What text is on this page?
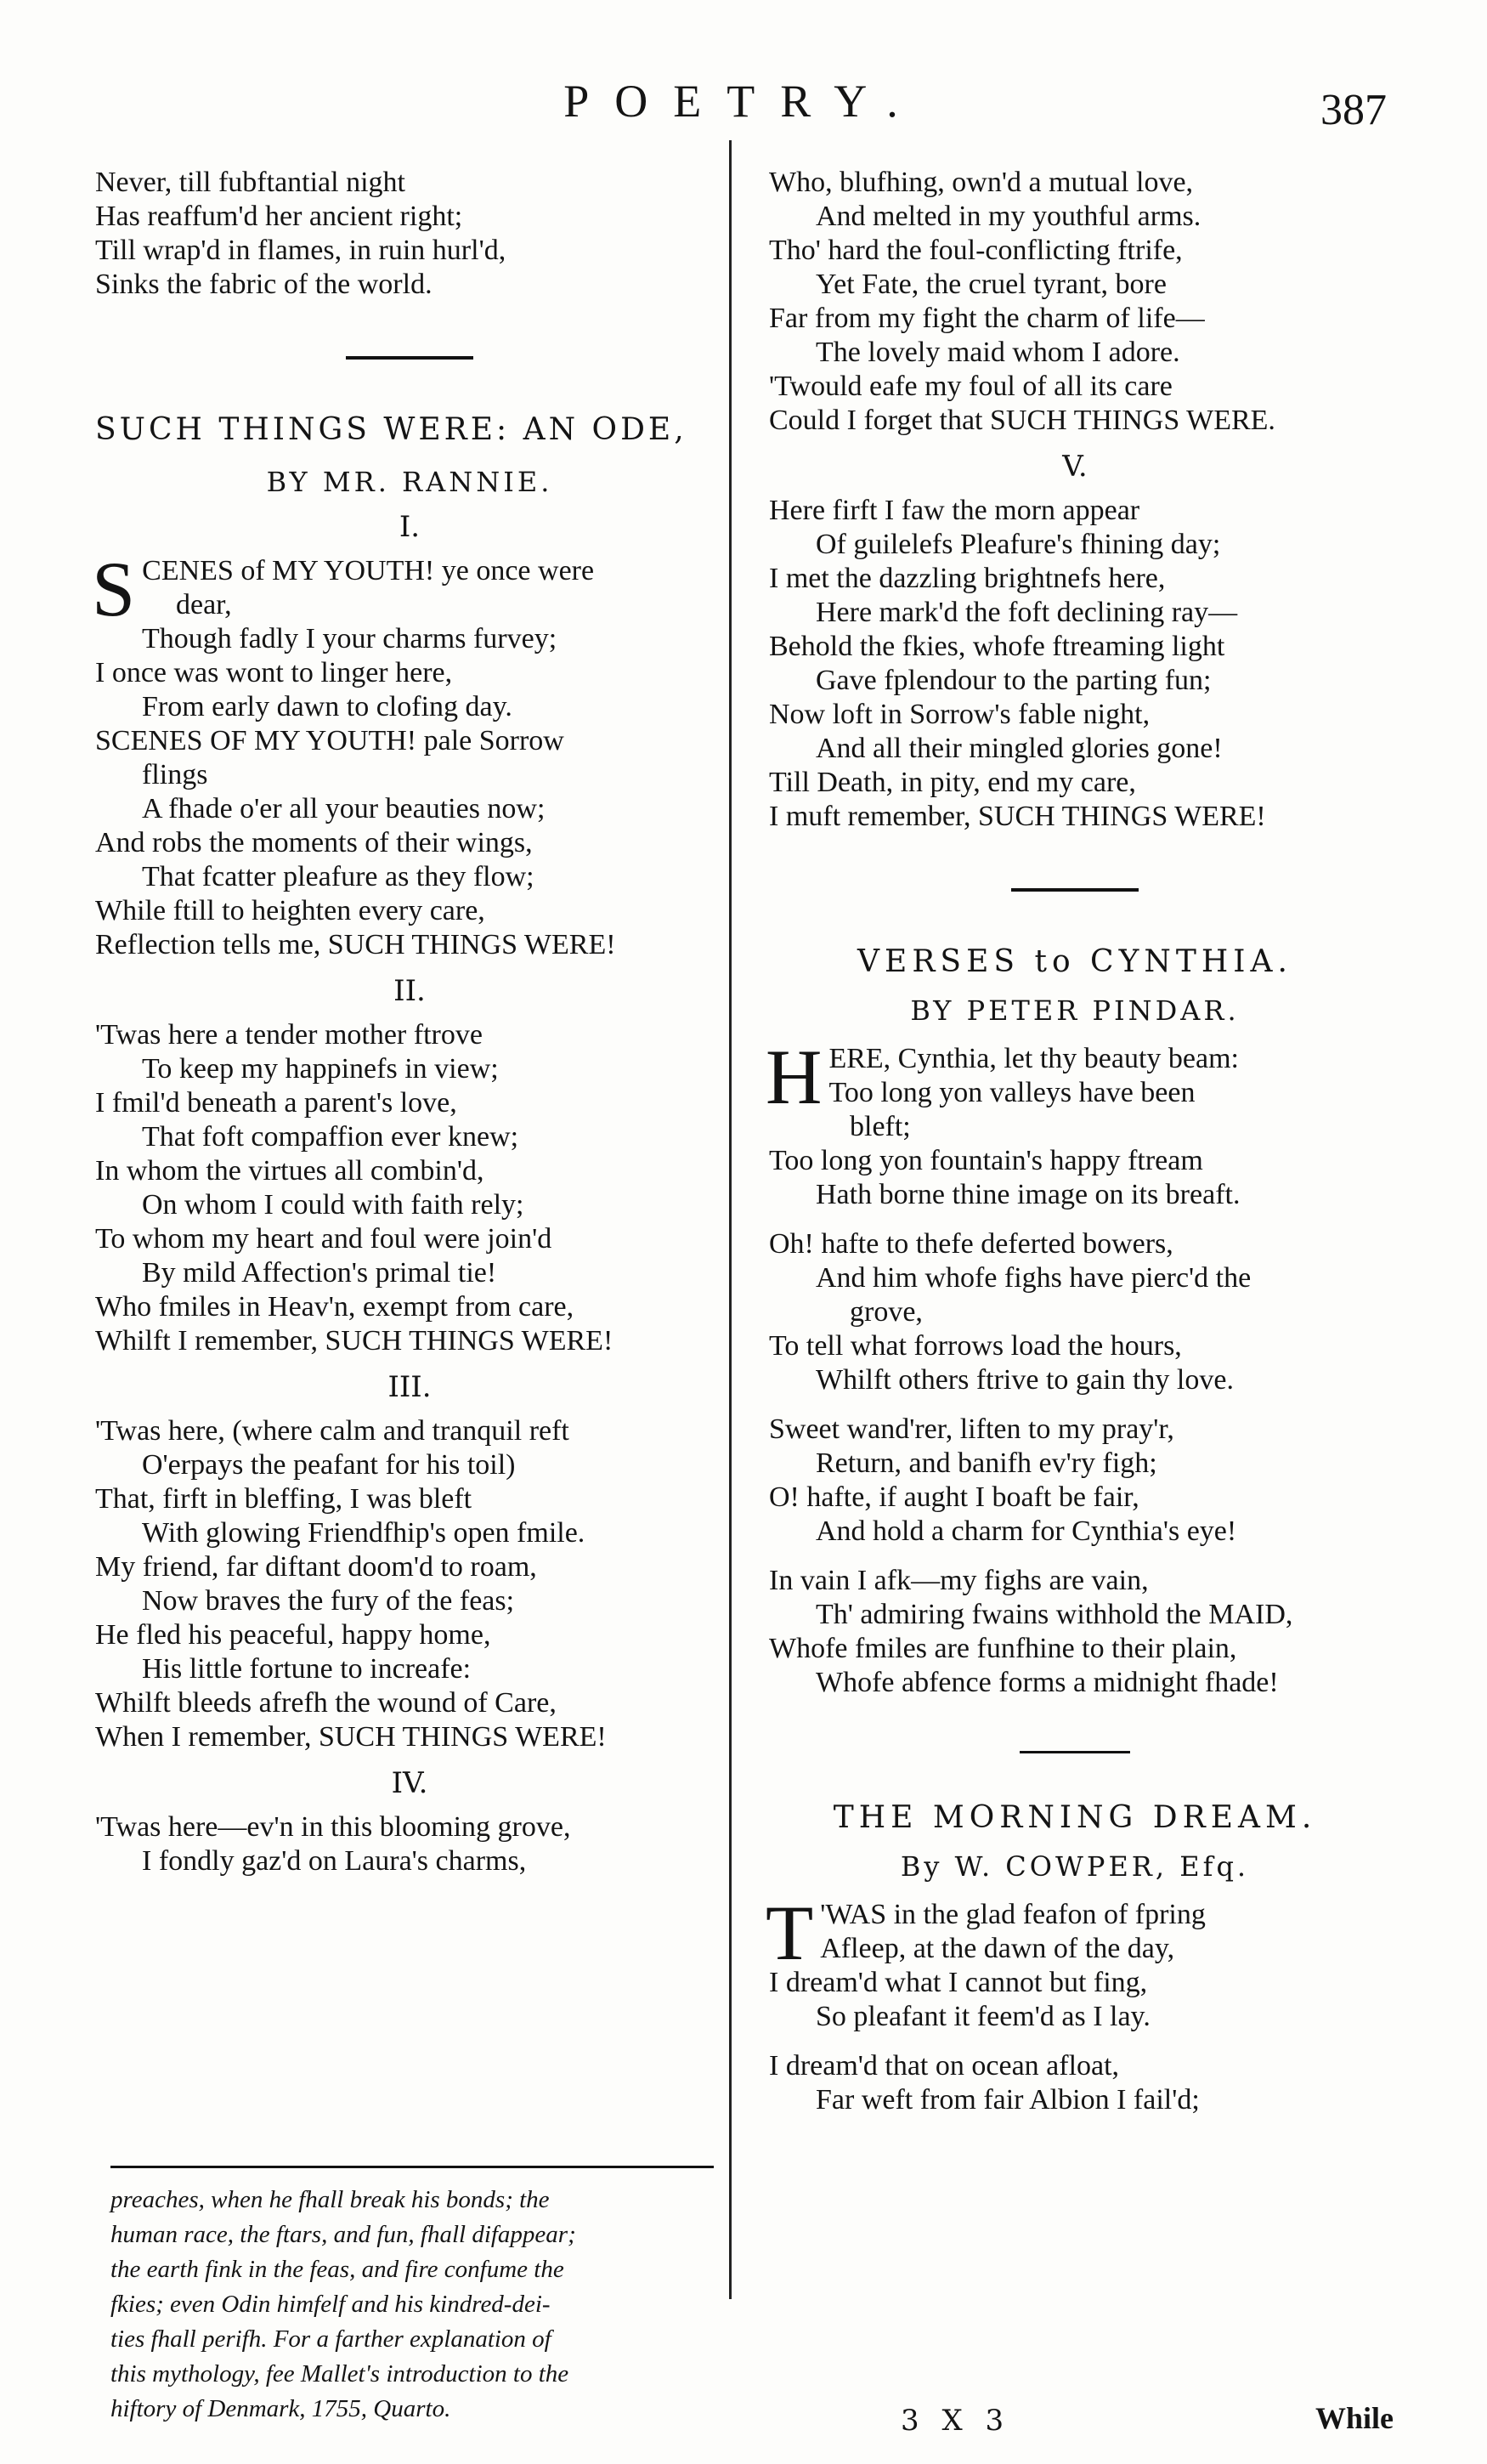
POETRY.	387
Never, till fubftantial night
Has reaffum'd her ancient right;
Till wrap'd in flames, in ruin hurl'd,
Sinks the fabric of the world.
SUCH THINGS WERE: AN ODE,
BY MR. RANNIE.
I.
S CENES of MY YOUTH! ye once were
dear,
Though fadly I your charms furvey;
I once was wont to linger here,
From early dawn to clofing day.
SCENES OF MY YOUTH! pale Sorrow
flings
A fhade o'er all your beauties now;
And robs the moments of their wings,
That fcatter pleafure as they flow;
While ftill to heighten every care,
Reflection tells me, SUCH THINGS WERE!
II.
'Twas here a tender mother ftrove
To keep my happinefs in view;
I fmil'd beneath a parent's love,
That foft compaffion ever knew;
In whom the virtues all combin'd,
On whom I could with faith rely;
To whom my heart and foul were join'd
By mild Affection's primal tie!
Who fmiles in Heav'n, exempt from care,
Whilft I remember, SUCH THINGS WERE!
III.
'Twas here, (where calm and tranquil reft
O'erpays the peafant for his toil)
That, firft in bleffing, I was bleft
With glowing Friendfhip's open fmile.
My friend, far diftant doom'd to roam,
Now braves the fury of the feas;
He fled his peaceful, happy home,
His little fortune to increafe:
Whilft bleeds afrefh the wound of Care,
When I remember, SUCH THINGS WERE!
IV.
'Twas here—ev'n in this blooming grove,
I fondly gaz'd on Laura's charms,
preaches, when he fhall break his bonds; the
human race, the ftars, and fun, fhall difappear;
the earth fink in the feas, and fire confume the
fkies; even Odin himfelf and his kindred-dei-
ties fhall perifh. For a farther explanation of
this mythology, fee Mallet's introduction to the
hiftory of Denmark, 1755, Quarto.
Who, blufhing, own'd a mutual love,
And melted in my youthful arms.
Tho' hard the foul-conflicting ftrife,
Yet Fate, the cruel tyrant, bore
Far from my fight the charm of life—
The lovely maid whom I adore.
'Twould eafe my foul of all its care
Could I forget that SUCH THINGS WERE.
V.
Here firft I faw the morn appear
Of guilelefs Pleafure's fhining day;
I met the dazzling brightnefs here,
Here mark'd the foft declining ray—
Behold the fkies, whofe ftreaming light
Gave fplendour to the parting fun;
Now loft in Sorrow's fable night,
And all their mingled glories gone!
Till Death, in pity, end my care,
I muft remember, SUCH THINGS WERE!
VERSES to CYNTHIA.
BY PETER PINDAR.
H ERE, Cynthia, let thy beauty beam:
Too long yon valleys have been
bleft;
Too long yon fountain's happy ftream
Hath borne thine image on its breaft.
Oh! hafte to thefe deferted bowers,
And him whofe fighs have pierc'd the
grove,
To tell what forrows load the hours,
Whilft others ftrive to gain thy love.
Sweet wand'rer, liften to my pray'r,
Return, and banifh ev'ry figh;
O! hafte, if aught I boaft be fair,
And hold a charm for Cynthia's eye!
In vain I afk—my fighs are vain,
Th' admiring fwains withhold the MAID,
Whofe fmiles are funfhine to their plain,
Whofe abfence forms a midnight fhade!
THE MORNING DREAM.
By W. COWPER, Efq.
T 'WAS in the glad feafon of fpring
Afleep, at the dawn of the day,
I dream'd what I cannot but fing,
So pleafant it feem'd as I lay.
I dream'd that on ocean afloat,
Far weft from fair Albion I fail'd;
3 X 3	While
